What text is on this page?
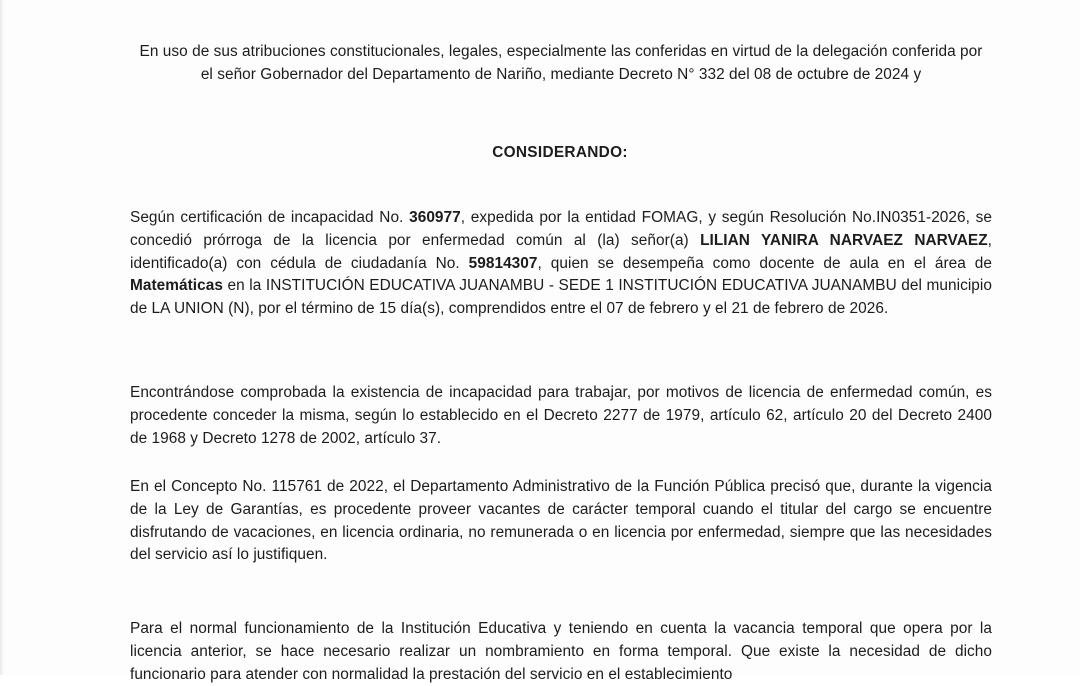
En uso de sus atribuciones constitucionales, legales, especialmente las conferidas en virtud de la delegación conferida por el señor Gobernador del Departamento de Nariño, mediante Decreto N° 332 del 08 de octubre de 2024 y

CONSIDERANDO:

Según certificación de incapacidad No. 360977, expedida por la entidad FOMAG, y según Resolución No.IN0351-2026, se concedió prórroga de la licencia por enfermedad común al (la) señor(a) LILIAN YANIRA NARVAEZ NARVAEZ, identificado(a) con cédula de ciudadanía No. 59814307, quien se desempeña como docente de aula en el área de Matemáticas en la INSTITUCIÓN EDUCATIVA JUANAMBU - SEDE 1 INSTITUCIÓN EDUCATIVA JUANAMBU del municipio de LA UNION (N), por el término de 15 día(s), comprendidos entre el 07 de febrero y el 21 de febrero de 2026.

Encontrándose comprobada la existencia de incapacidad para trabajar, por motivos de licencia de enfermedad común, es procedente conceder la misma, según lo establecido en el Decreto 2277 de 1979, artículo 62, artículo 20 del Decreto 2400 de 1968 y Decreto 1278 de 2002, artículo 37.

En el Concepto No. 115761 de 2022, el Departamento Administrativo de la Función Pública precisó que, durante la vigencia de la Ley de Garantías, es procedente proveer vacantes de carácter temporal cuando el titular del cargo se encuentre disfrutando de vacaciones, en licencia ordinaria, no remunerada o en licencia por enfermedad, siempre que las necesidades del servicio así lo justifiquen.

Para el normal funcionamiento de la Institución Educativa y teniendo en cuenta la vacancia temporal que opera por la licencia anterior, se hace necesario realizar un nombramiento en forma temporal. Que existe la necesidad de dicho funcionario para atender con normalidad la prestación del servicio en el establecimiento
